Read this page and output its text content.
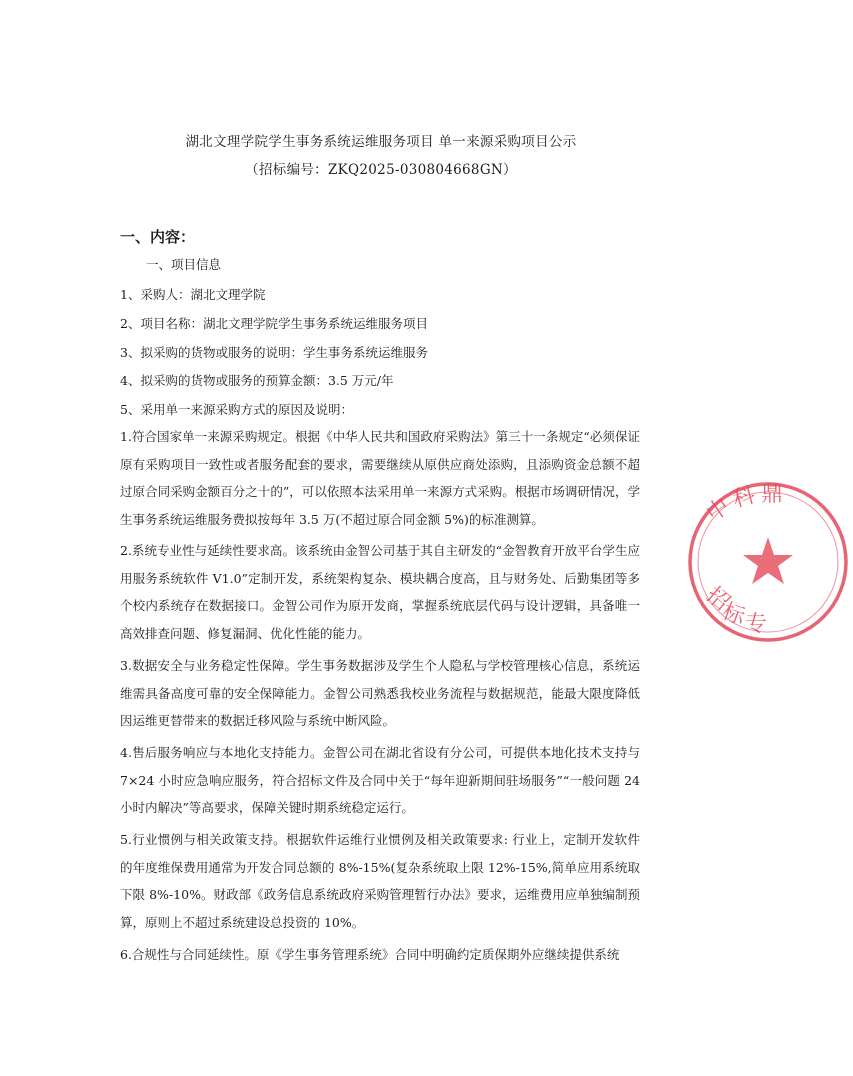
湖北文理学院学生事务系统运维服务项目 单一来源采购项目公示
（招标编号：ZKQ2025-030804668GN）
一、内容：
一、项目信息
1、采购人：湖北文理学院
2、项目名称：湖北文理学院学生事务系统运维服务项目
3、拟采购的货物或服务的说明：学生事务系统运维服务
4、拟采购的货物或服务的预算金额：3.5 万元/年
5、采用单一来源采购方式的原因及说明：
1.符合国家单一来源采购规定。根据《中华人民共和国政府采购法》第三十一条规定“必须保证原有采购项目一致性或者服务配套的要求，需要继续从原供应商处添购，且添购资金总额不超过原合同采购金额百分之十的”，可以依照本法采用单一来源方式采购。根据市场调研情况，学生事务系统运维服务费拟按每年 3.5 万(不超过原合同金额 5%)的标准测算。
2.系统专业性与延续性要求高。该系统由金智公司基于其自主研发的“金智教育开放平台学生应用服务系统软件 V1.0”定制开发，系统架构复杂、模块耦合度高，且与财务处、后勤集团等多个校内系统存在数据接口。金智公司作为原开发商，掌握系统底层代码与设计逻辑，具备唯一高效排查问题、修复漏洞、优化性能的能力。
3.数据安全与业务稳定性保障。学生事务数据涉及学生个人隐私与学校管理核心信息，系统运维需具备高度可靠的安全保障能力。金智公司熟悉我校业务流程与数据规范，能最大限度降低因运维更替带来的数据迁移风险与系统中断风险。
4.售后服务响应与本地化支持能力。金智公司在湖北省设有分公司，可提供本地化技术支持与 7×24 小时应急响应服务，符合招标文件及合同中关于“每年迎新期间驻场服务”“一般问题 24 小时内解决”等高要求，保障关键时期系统稳定运行。
5.行业惯例与相关政策支持。根据软件运维行业惯例及相关政策要求: 行业上，定制开发软件的年度维保费用通常为开发合同总额的 8%-15%(复杂系统取上限 12%-15%,简单应用系统取下限 8%-10%。财政部《政务信息系统政府采购管理暂行办法》要求，运维费用应单独编制预算，原则上不超过系统建设总投资的 10%。
6.合规性与合同延续性。原《学生事务管理系统》合同中明确约定质保期外应继续提供系统
中
科 鼎
招
标
专
